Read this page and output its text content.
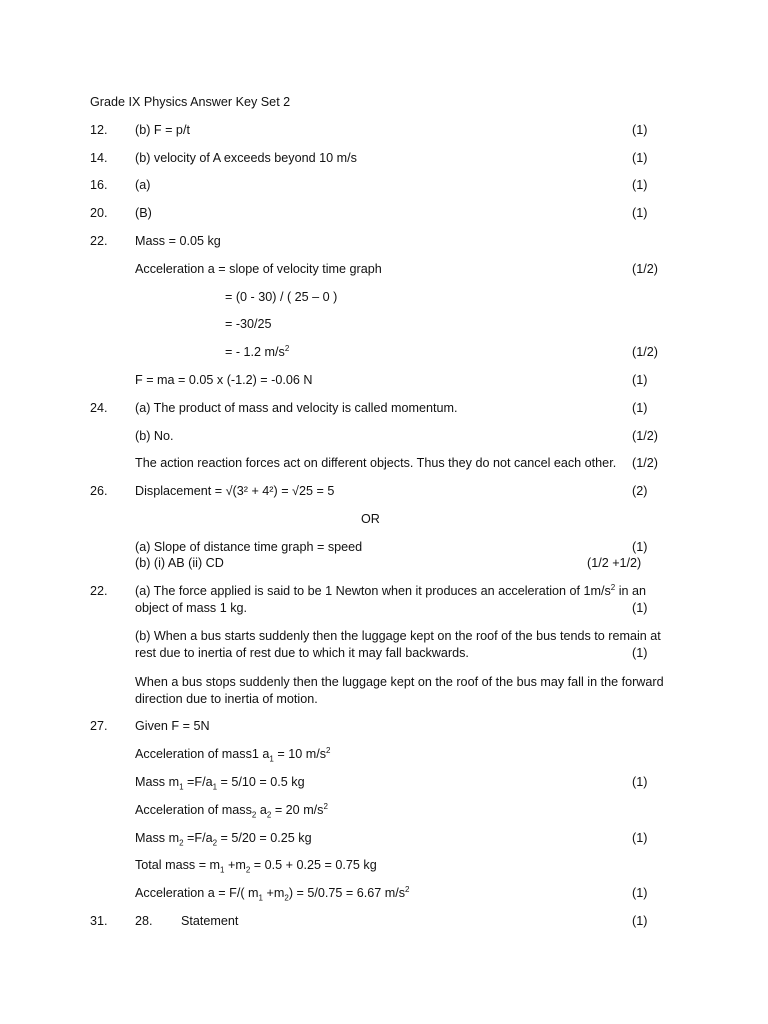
Grade IX Physics Answer Key Set 2
12. (b) F = p/t	(1)
14. (b) velocity of A exceeds beyond 10 m/s	(1)
16. (a)	(1)
20. (B)	(1)
22. Mass = 0.05 kg
Acceleration a = slope of velocity time graph	(1/2)
= (0 - 30) / ( 25 – 0 )
= -30/25
= - 1.2 $m/s^2$	(1/2)
F = ma = 0.05 x (-1.2) = -0.06 N	(1)
24. (a) The product of mass and velocity is called momentum.	(1)
(b) No.	(1/2)
The action reaction forces act on different objects. Thus they do not cancel each other. (1/2)
26. Displacement = √(3² + 4²) = √25 = 5	(2)
OR
(a) Slope of distance time graph = speed	(1)
(b) (i) AB (ii) CD	(1/2 +1/2)
22. (a) The force applied is said to be 1 Newton when it produces an acceleration of $1m/s^2$ in an object of mass 1 kg.	(1)
(b) When a bus starts suddenly then the luggage kept on the roof of the bus tends to remain at rest due to inertia of rest due to which it may fall backwards.	(1)
When a bus stops suddenly then the luggage kept on the roof of the bus may fall in the forward direction due to inertia of motion.
27. Given F = 5N
Acceleration of mass1 $a_1 = 10$ $m/s^2$
Mass $m_1 =F/a_1 = 5/10 = 0.5$ kg	(1)
Acceleration of mass$_2$ $a_2 = 20$ $m/s^2$
Mass $m_2 =F/a_2 = 5/20 = 0.25$ kg	(1)
Total mass = $m_1 +m_2 = 0.5 + 0.25 = 0.75$ kg
Acceleration a = F/( $m_1 +m_2) = 5/0.75 = 6.67$ $m/s^2$	(1)
31. 28. Statement	(1)
